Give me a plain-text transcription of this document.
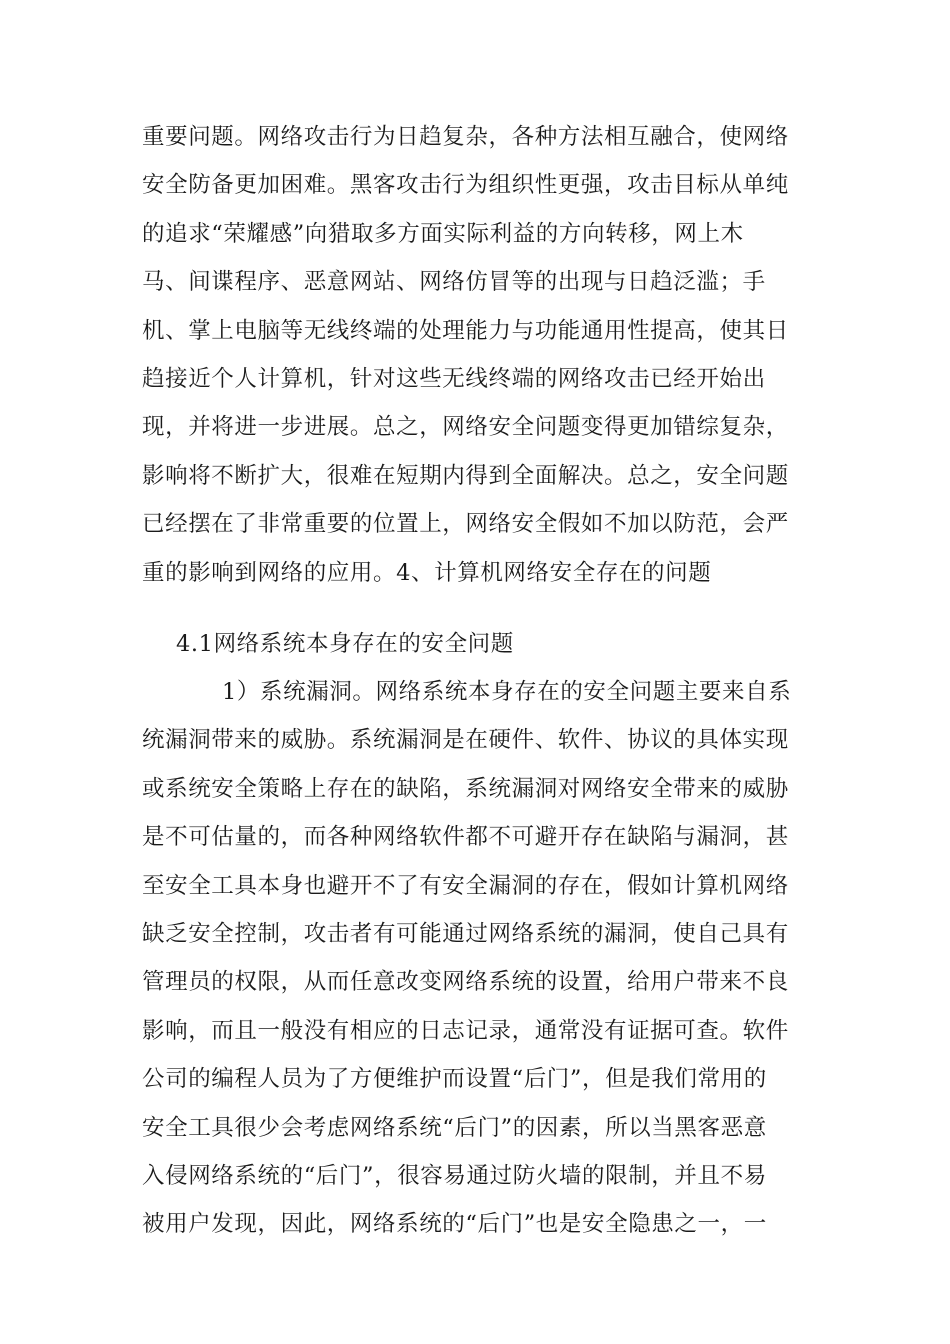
重要问题。网络攻击行为日趋复杂，各种方法相互融合，使网络
安全防备更加困难。黑客攻击行为组织性更强，攻击目标从单纯
的追求“荣耀感”向猎取多方面实际利益的方向转移，网上木
马、间谍程序、恶意网站、网络仿冒等的出现与日趋泛滥；手
机、掌上电脑等无线终端的处理能力与功能通用性提高，使其日
趋接近个人计算机，针对这些无线终端的网络攻击已经开始出
现，并将进一步进展。总之，网络安全问题变得更加错综复杂，
影响将不断扩大，很难在短期内得到全面解决。总之，安全问题
已经摆在了非常重要的位置上，网络安全假如不加以防范，会严
重的影响到网络的应用。4、计算机网络安全存在的问题
4.1网络系统本身存在的安全问题
1）系统漏洞。网络系统本身存在的安全问题主要来自系
统漏洞带来的威胁。系统漏洞是在硬件、软件、协议的具体实现
或系统安全策略上存在的缺陷，系统漏洞对网络安全带来的威胁
是不可估量的，而各种网络软件都不可避开存在缺陷与漏洞，甚
至安全工具本身也避开不了有安全漏洞的存在，假如计算机网络
缺乏安全控制，攻击者有可能通过网络系统的漏洞，使自己具有
管理员的权限，从而任意改变网络系统的设置，给用户带来不良
影响，而且一般没有相应的日志记录，通常没有证据可查。软件
公司的编程人员为了方便维护而设置“后门”，但是我们常用的
安全工具很少会考虑网络系统“后门”的因素，所以当黑客恶意
入侵网络系统的“后门”，很容易通过防火墙的限制，并且不易
被用户发现，因此，网络系统的“后门”也是安全隐患之一，一
